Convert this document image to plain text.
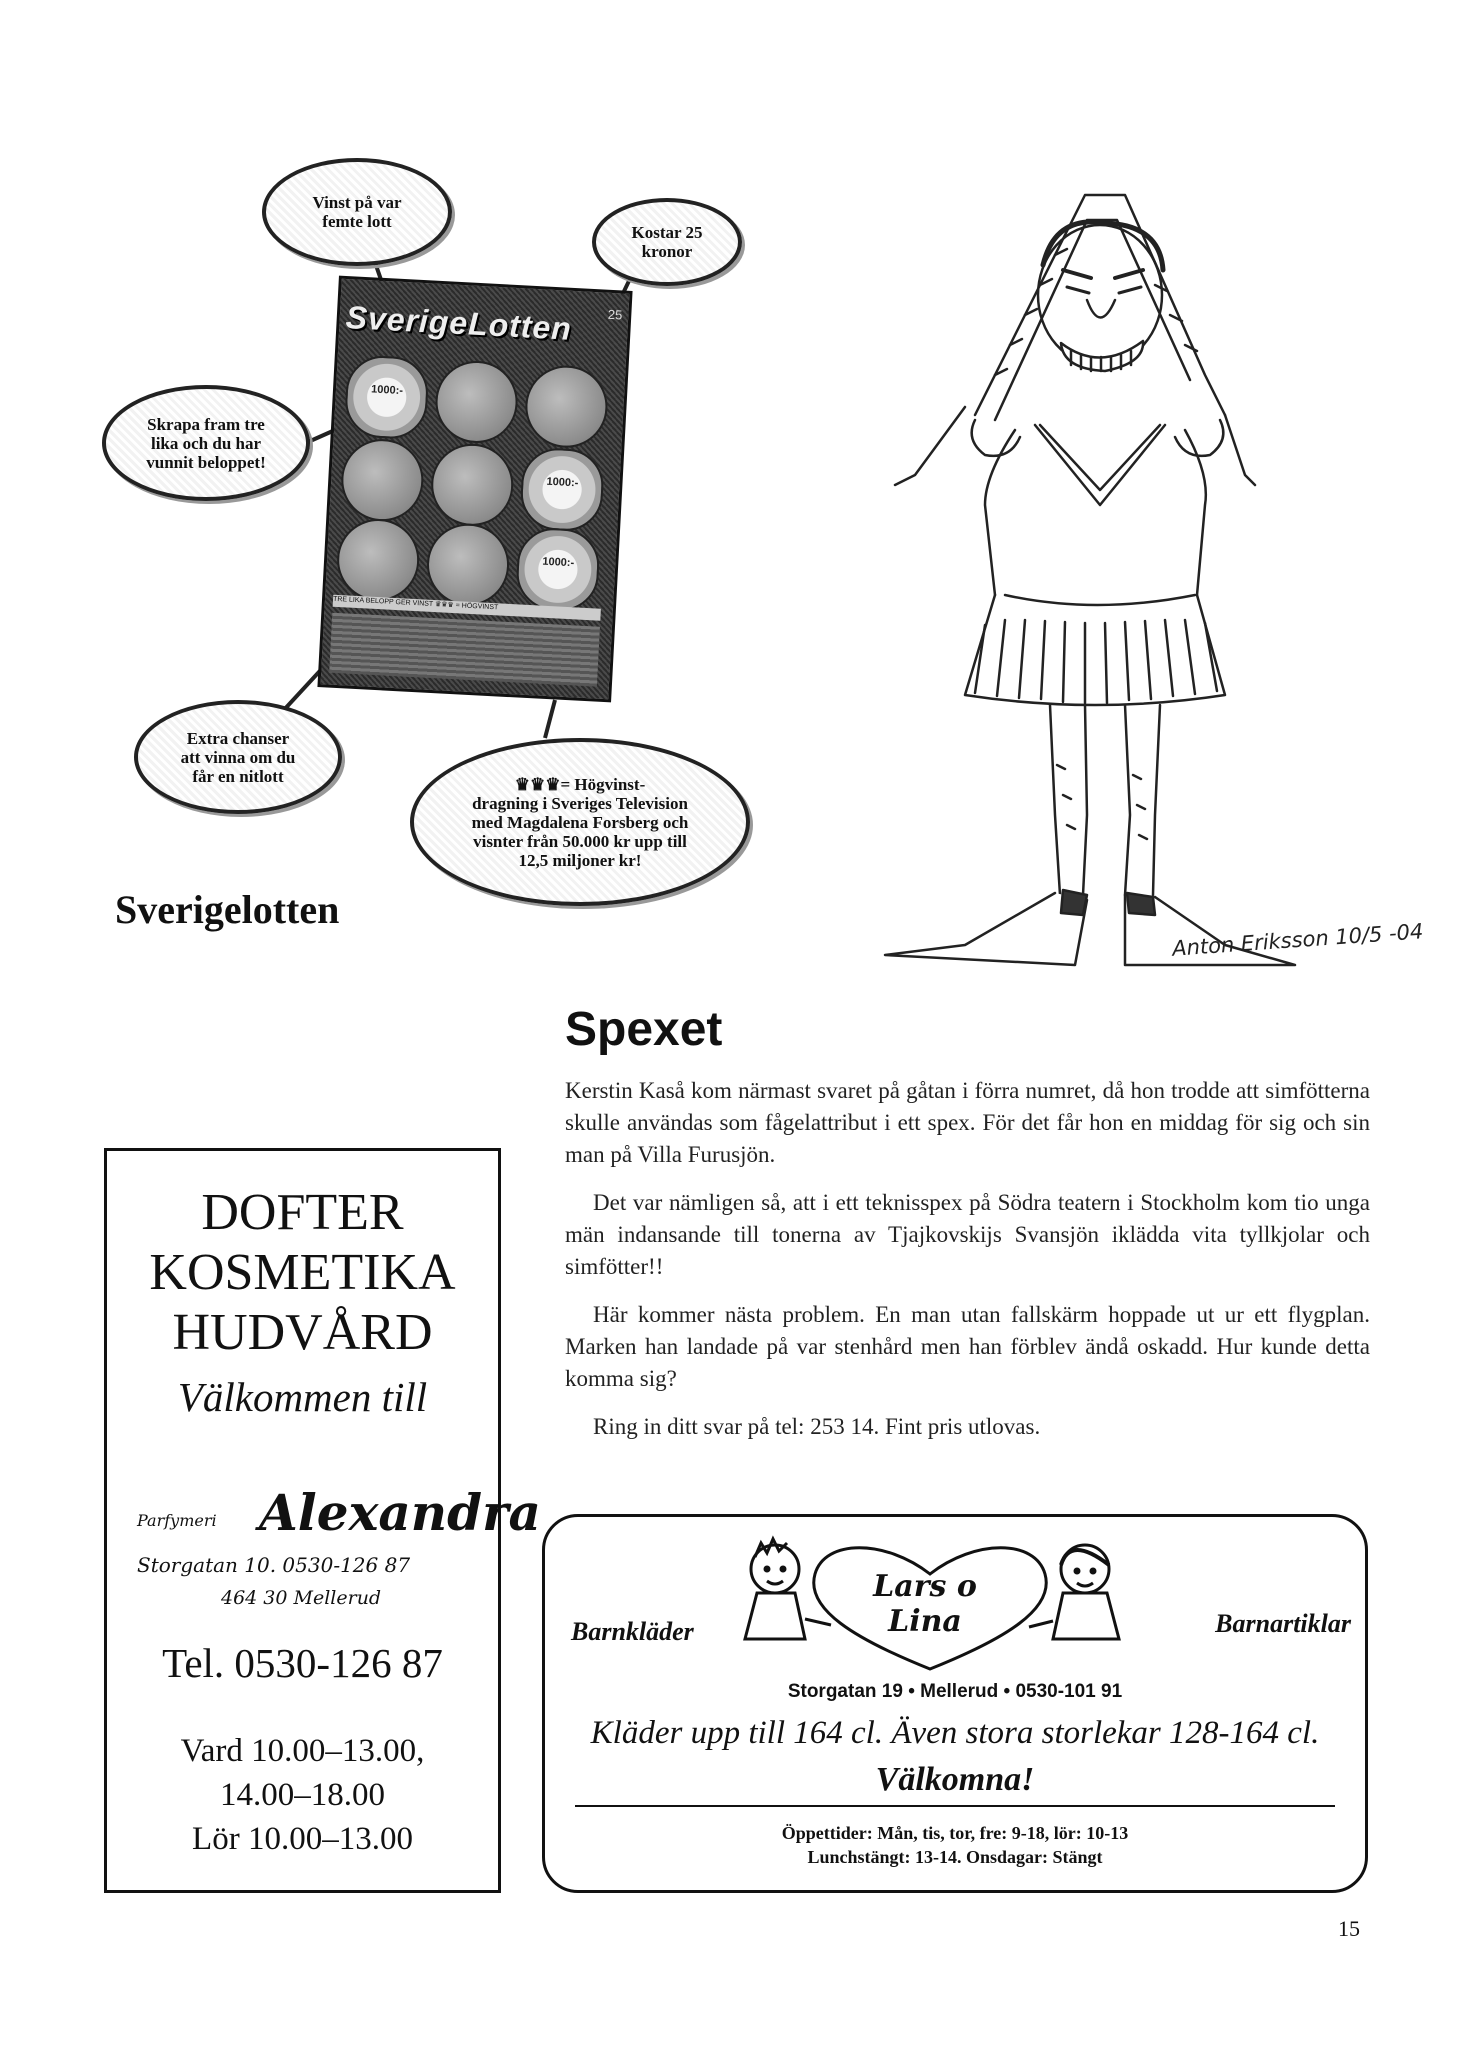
SverigeLotten	25
1000:-
1000:-
1000:-
TRE LIKA BELOPP GER VINST ♛♛♛ = HÖGVINST
Vinst på var
femte lott
Kostar 25
kronor
Skrapa fram tre
lika och du har
vunnit beloppet!
Extra chanser
att vinna om du
får en nitlott	♛♛♛= Högvinst-
dragning i Sveriges Television
med Magdalena Forsberg och
visnter från 50.000 kr upp till
12,5 miljoner kr!
Sverigelotten
Anton Eriksson 10/5 -04
Spexet

Kerstin Kaså kom närmast svaret på gåtan i förra numret, då hon trodde att simfötterna skulle användas som fågelattribut i ett spex. För det får hon en middag för sig och sin man på Villa Furusjön.

Det var nämligen så, att i ett teknisspex på Södra teatern i Stockholm kom tio unga män indansande till tonerna av Tjajkovskijs Svansjön iklädda vita tyllkjolar och simfötter!!

Här kommer nästa problem. En man utan fallskärm hoppade ut ur ett flygplan. Marken han landade på var stenhård men han förblev ändå oskadd. Hur kunde detta komma sig?

Ring in ditt svar på tel: 253 14. Fint pris utlovas.

DOFTER
KOSMETIKA
HUDVÅRD
Välkommen till
Parfymeri Alexandra
Storgatan 10. 0530-126 87
464 30 Mellerud
Tel. 0530-126 87
Vard 10.00–13.00,
14.00–18.00
Lör 10.00–13.00
Barnkläder	Barnartiklar
Lars o Lina
Storgatan 19 • Mellerud • 0530-101 91
Kläder upp till 164 cl. Även stora storlekar 128-164 cl.
Välkomna!
Öppettider: Mån, tis, tor, fre: 9-18, lör: 10-13
Lunchstängt: 13-14. Onsdagar: Stängt
15
